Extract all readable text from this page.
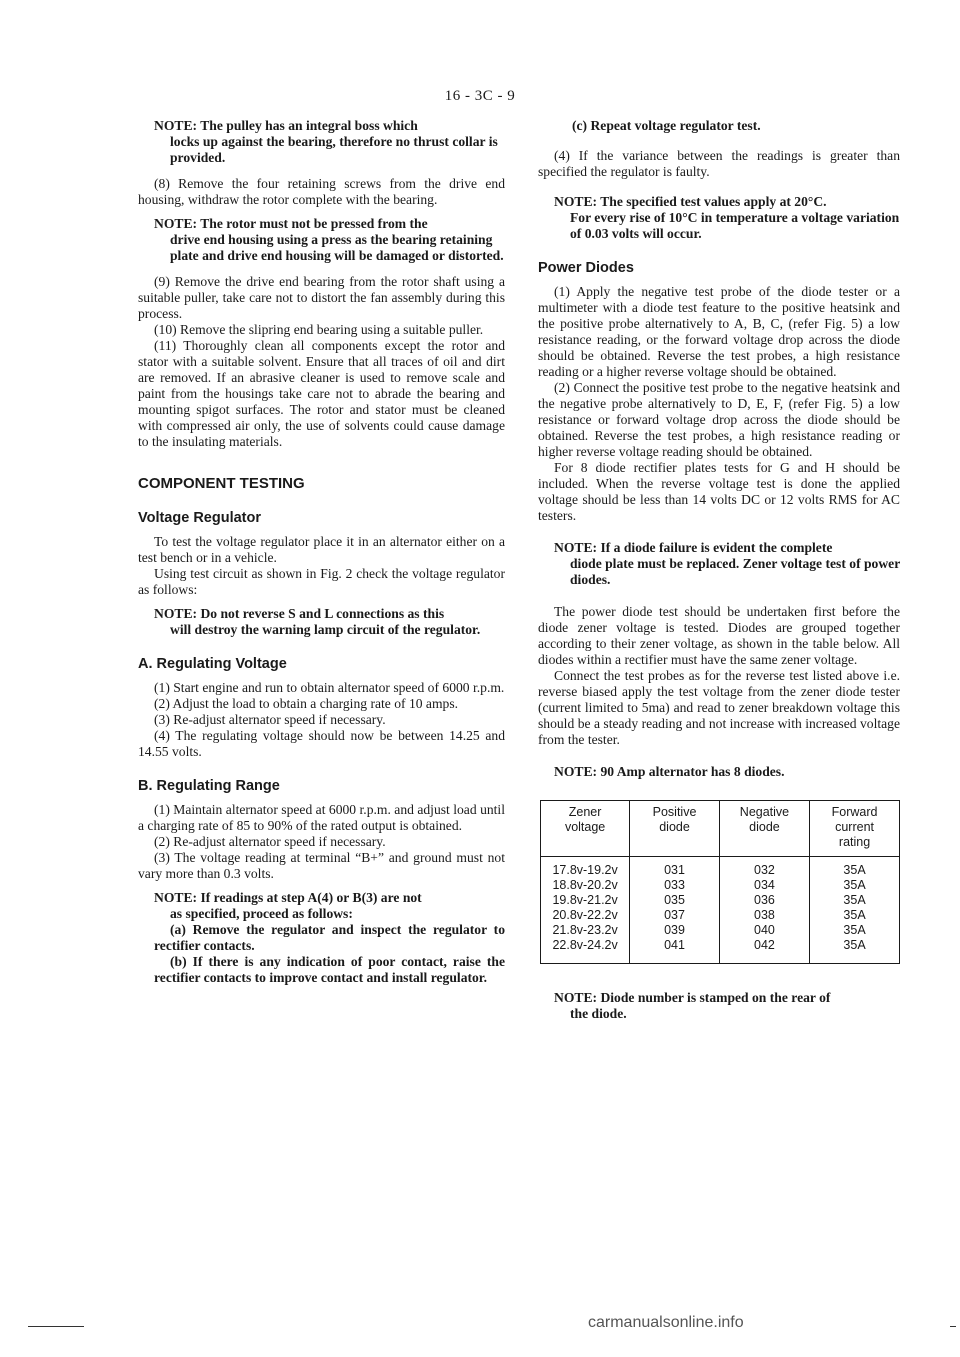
16 - 3C - 9
NOTE: The pulley has an integral boss which
locks up against the bearing, therefore no thrust collar is provided.

(8) Remove the four retaining screws from the drive end housing, withdraw the rotor complete with the bearing.

NOTE: The rotor must not be pressed from the
drive end housing using a press as the bearing retaining plate and drive end housing will be damaged or distorted.

(9) Remove the drive end bearing from the rotor shaft using a suitable puller, take care not to distort the fan assembly during this process.

(10) Remove the slipring end bearing using a suitable puller.

(11) Thoroughly clean all components except the rotor and stator with a suitable solvent. Ensure that all traces of oil and dirt are removed. If an abrasive cleaner is used to remove scale and paint from the housings take care not to abrade the bearing and mounting spigot surfaces. The rotor and stator must be cleaned with compressed air only, the use of solvents could cause damage to the insulating materials.

COMPONENT TESTING
Voltage Regulator

To test the voltage regulator place it in an alternator either on a test bench or in a vehicle.

Using test circuit as shown in Fig. 2 check the voltage regulator as follows:

NOTE: Do not reverse S and L connections as this
will destroy the warning lamp circuit of the regulator.
A. Regulating Voltage

(1) Start engine and run to obtain alternator speed of 6000 r.p.m.

(2) Adjust the load to obtain a charging rate of 10 amps.

(3) Re-adjust alternator speed if necessary.

(4) The regulating voltage should now be between 14.25 and 14.55 volts.

B. Regulating Range

(1) Maintain alternator speed at 6000 r.p.m. and adjust load until a charging rate of 85 to 90% of the rated output is obtained.

(2) Re-adjust alternator speed if necessary.

(3) The voltage reading at terminal “B+” and ground must not vary more than 0.3 volts.

NOTE: If readings at step A(4) or B(3) are not
as specified, proceed as follows:

(a) Remove the regulator and inspect the regulator to rectifier contacts.

(b) If there is any indication of poor contact, raise the rectifier contacts to improve contact and install regulator.

(c) Repeat voltage regulator test.

(4) If the variance between the readings is greater than specified the regulator is faulty.

NOTE: The specified test values apply at 20°C.
For every rise of 10°C in temperature a voltage variation of 0.03 volts will occur.
Power Diodes

(1) Apply the negative test probe of the diode tester or a multimeter with a diode test feature to the positive heatsink and the positive probe alternatively to A, B, C, (refer Fig. 5) a low resistance reading, or the forward voltage drop across the diode should be obtained. Reverse the test probes, a high resistance reading or a higher reverse voltage should be obtained.

(2) Connect the positive test probe to the negative heatsink and the negative probe alternatively to D, E, F, (refer Fig. 5) a low resistance or forward voltage drop across the diode should be obtained. Reverse the test probes, a high resistance reading or higher reverse voltage reading should be obtained.

For 8 diode rectifier plates tests for G and H should be included. When the reverse voltage test is done the applied voltage should be less than 14 volts DC or 12 volts RMS for AC testers.

NOTE: If a diode failure is evident the complete
diode plate must be replaced. Zener voltage test of power diodes.

The power diode test should be undertaken first before the diode zener voltage is tested. Diodes are grouped together according to their zener voltage, as shown in the table below. All diodes within a rectifier must have the same zener voltage.

Connect the test probes as for the reverse test listed above i.e. reverse biased apply the test voltage from the zener diode tester (current limited to 5ma) and read to zener breakdown voltage this should be a steady reading and not increase with increased voltage from the tester.

NOTE: 90 Amp alternator has 8 diodes.
Zener voltage	Positive diode	Negative diode	Forward current rating
17.8v-19.2v	031	032	35A
18.8v-20.2v	033	034	35A
19.8v-21.2v	035	036	35A
20.8v-22.2v	037	038	35A
21.8v-23.2v	039	040	35A
22.8v-24.2v	041	042	35A
NOTE: Diode number is stamped on the rear of
the diode.
carmanualsonline.info
